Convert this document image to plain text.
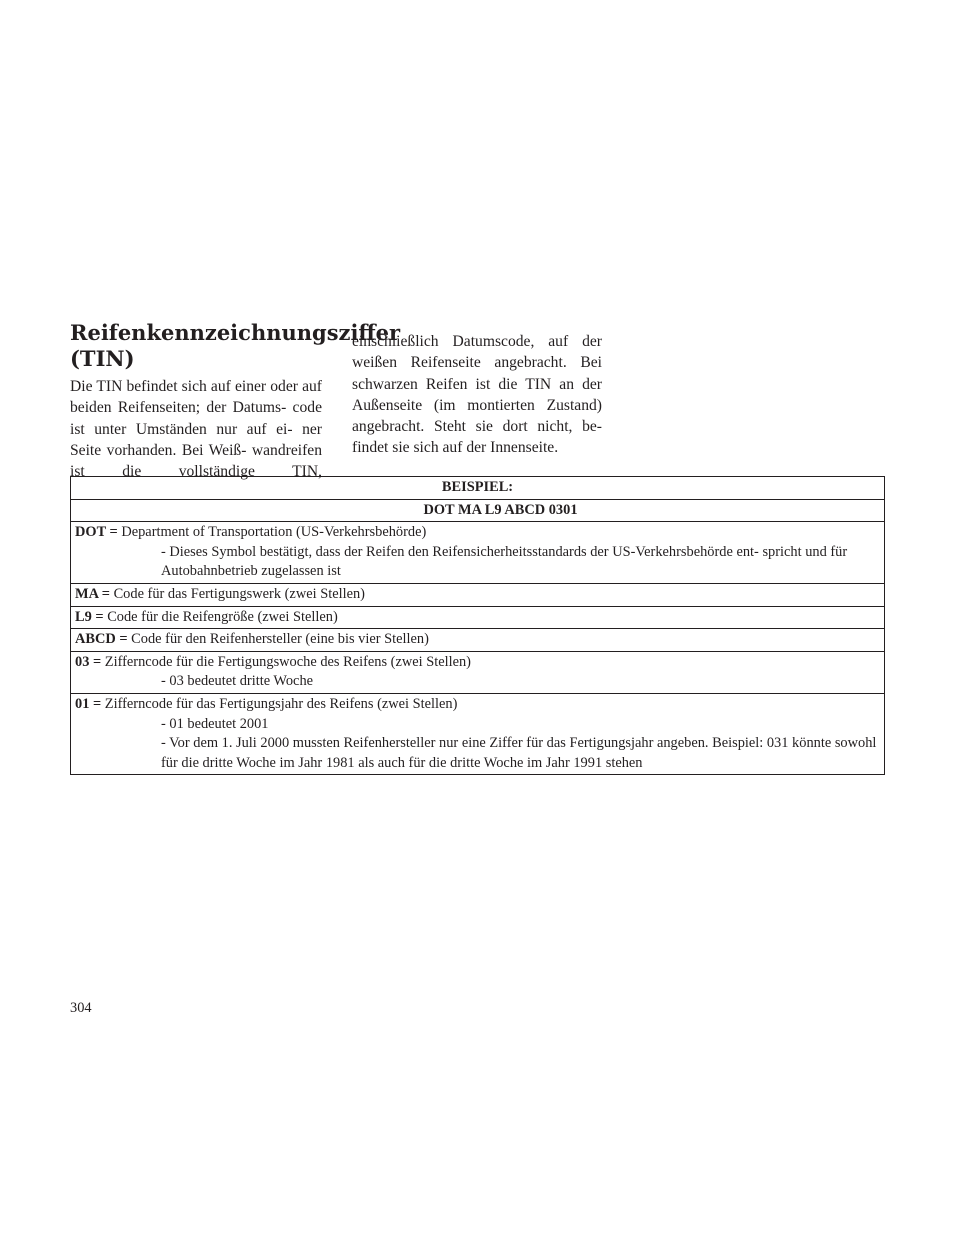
Reifenkennzeichnungsziffer
(TIN)

Die TIN befindet sich auf einer oder auf beiden Reifenseiten; der Datums- code ist unter Umständen nur auf ei- ner Seite vorhanden. Bei Weiß- wandreifen ist die vollständige TIN,

einschließlich Datumscode, auf der weißen Reifenseite angebracht. Bei schwarzen Reifen ist die TIN an der Außenseite (im montierten Zustand) angebracht. Steht sie dort nicht, be- findet sie sich auf der Innenseite.

BEISPIEL:
DOT MA L9 ABCD 0301

DOT = Department of Transportation (US-Verkehrsbehörde)
- Dieses Symbol bestätigt, dass der Reifen den Reifensicherheitsstandards der US-Verkehrsbehörde ent- spricht und für Autobahnbetrieb zugelassen ist

MA = Code für das Fertigungswerk (zwei Stellen)

L9 = Code für die Reifengröße (zwei Stellen)

ABCD = Code für den Reifenhersteller (eine bis vier Stellen)

03 = Zifferncode für die Fertigungswoche des Reifens (zwei Stellen)
- 03 bedeutet dritte Woche

01 = Zifferncode für das Fertigungsjahr des Reifens (zwei Stellen)
- 01 bedeutet 2001
- Vor dem 1. Juli 2000 mussten Reifenhersteller nur eine Ziffer für das Fertigungsjahr angeben. Beispiel: 031 könnte sowohl für die dritte Woche im Jahr 1981 als auch für die dritte Woche im Jahr 1991 stehen

304
